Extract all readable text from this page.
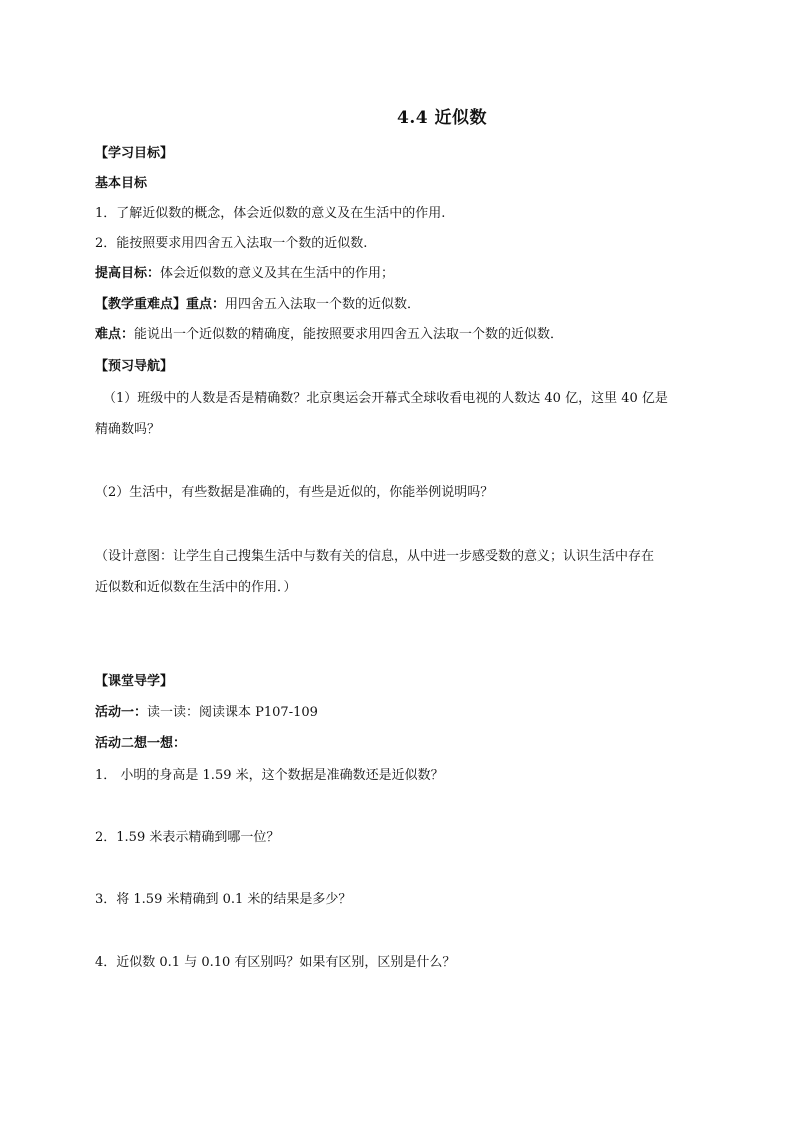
4.4 近似数
【学习目标】
基本目标
1．了解近似数的概念，体会近似数的意义及在生活中的作用.
2．能按照要求用四舍五入法取一个数的近似数.
提高目标：体会近似数的意义及其在生活中的作用；
【教学重难点】重点：用四舍五入法取一个数的近似数．
难点：能说出一个近似数的精确度，能按照要求用四舍五入法取一个数的近似数．
【预习导航】
（1）班级中的人数是否是精确数？北京奥运会开幕式全球收看电视的人数达 40 亿，这里 40 亿是
精确数吗？
（2）生活中，有些数据是准确的，有些是近似的，你能举例说明吗？
（设计意图：让学生自己搜集生活中与数有关的信息，从中进一步感受数的意义；认识生活中存在
近似数和近似数在生活中的作用．）
【课堂导学】
活动一：读一读：阅读课本 P107-109
活动二想一想：
1． 小明的身高是 1.59 米，这个数据是准确数还是近似数？
2．1.59 米表示精确到哪一位？
3．将 1.59 米精确到 0.1 米的结果是多少？
4．近似数 0.1 与 0.10 有区别吗？如果有区别，区别是什么？
